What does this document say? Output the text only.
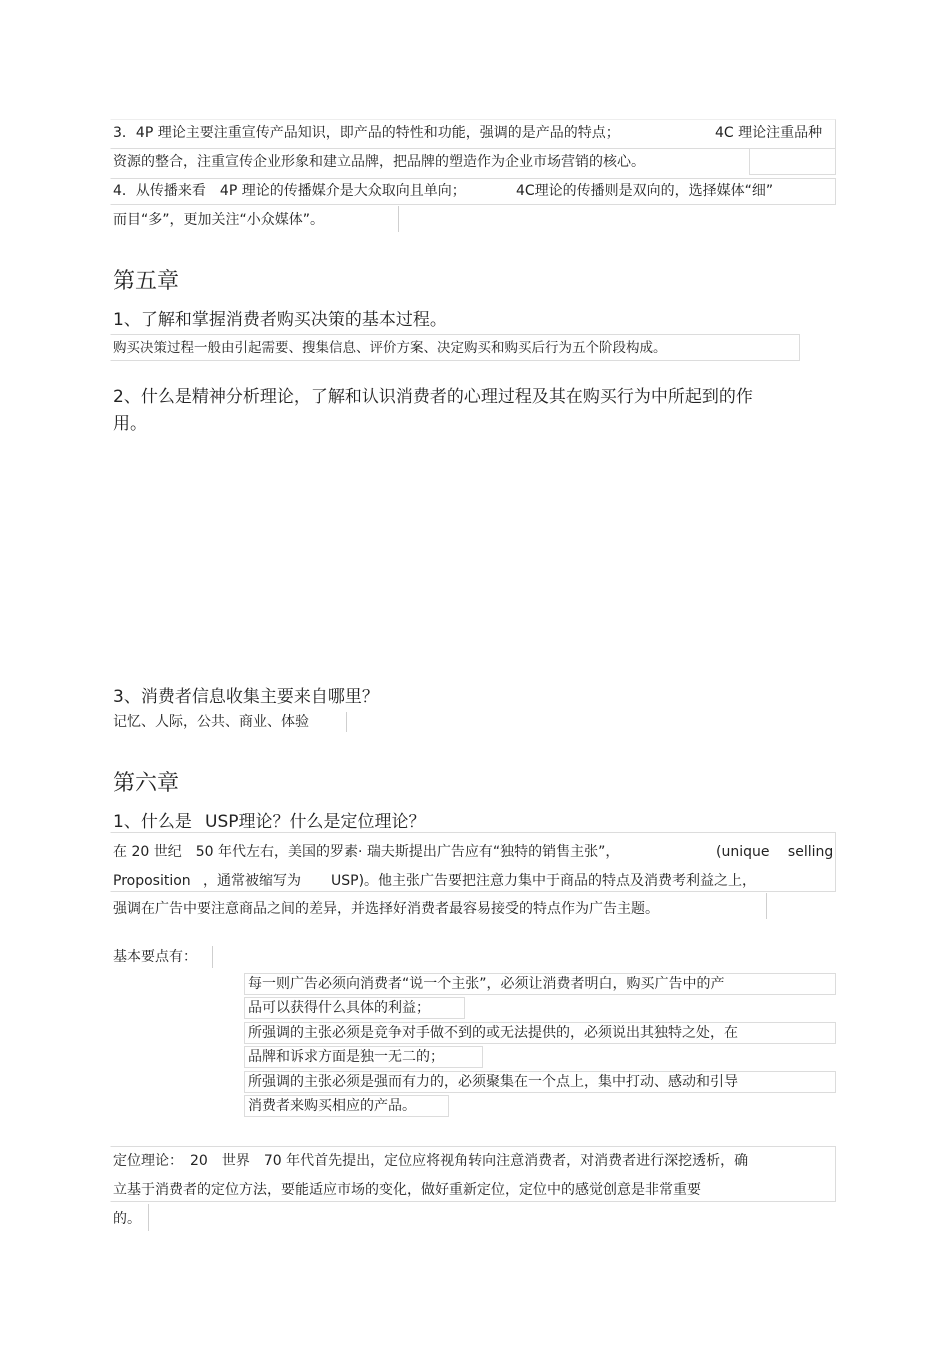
3．4P 理论主要注重宣传产品知识，即产品的特性和功能，强调的是产品的特点；	4C 理论注重品种
资源的整合，注重宣传企业形象和建立品牌，把品牌的塑造作为企业市场营销的核心。
4．从传播来看　4P 理论的传播媒介是大众取向且单向；	4C理论的传播则是双向的，选择媒体“细”
而目“多”，更加关注“小众媒体”。
第五章
1、了解和掌握消费者购买决策的基本过程。
购买决策过程一般由引起需要、搜集信息、评价方案、决定购买和购买后行为五个阶段构成。
2、什么是精神分析理论，了解和认识消费者的心理过程及其在购买行为中所起到的作
用。
3、消费者信息收集主要来自哪里？
记忆、人际，公共、商业、体验
第六章
1、什么是 USP理论？什么是定位理论？
在 20 世纪　50 年代左右，美国的罗素· 瑞夫斯提出广告应有“独特的销售主张”，	(unique　 selling
Proposition ，通常被缩写为 USP)。他主张广告要把注意力集中于商品的特点及消费考利益之上，
强调在广告中要注意商品之间的差异，并选择好消费者最容易接受的特点作为广告主题。
基本要点有：
每一则广告必须向消费者“说一个主张”，必须让消费者明白，购买广告中的产
品可以获得什么具体的利益；
所强调的主张必须是竞争对手做不到的或无法提供的，必须说出其独特之处，在
品牌和诉求方面是独一无二的；
所强调的主张必须是强而有力的，必须聚集在一个点上，集中打动、感动和引导
消费者来购买相应的产品。
定位理论：　20　世界　70 年代首先提出，定位应将视角转向注意消费者，对消费者进行深挖透析，确
立基于消费者的定位方法，要能适应市场的变化，做好重新定位，定位中的感觉创意是非常重要
的。
